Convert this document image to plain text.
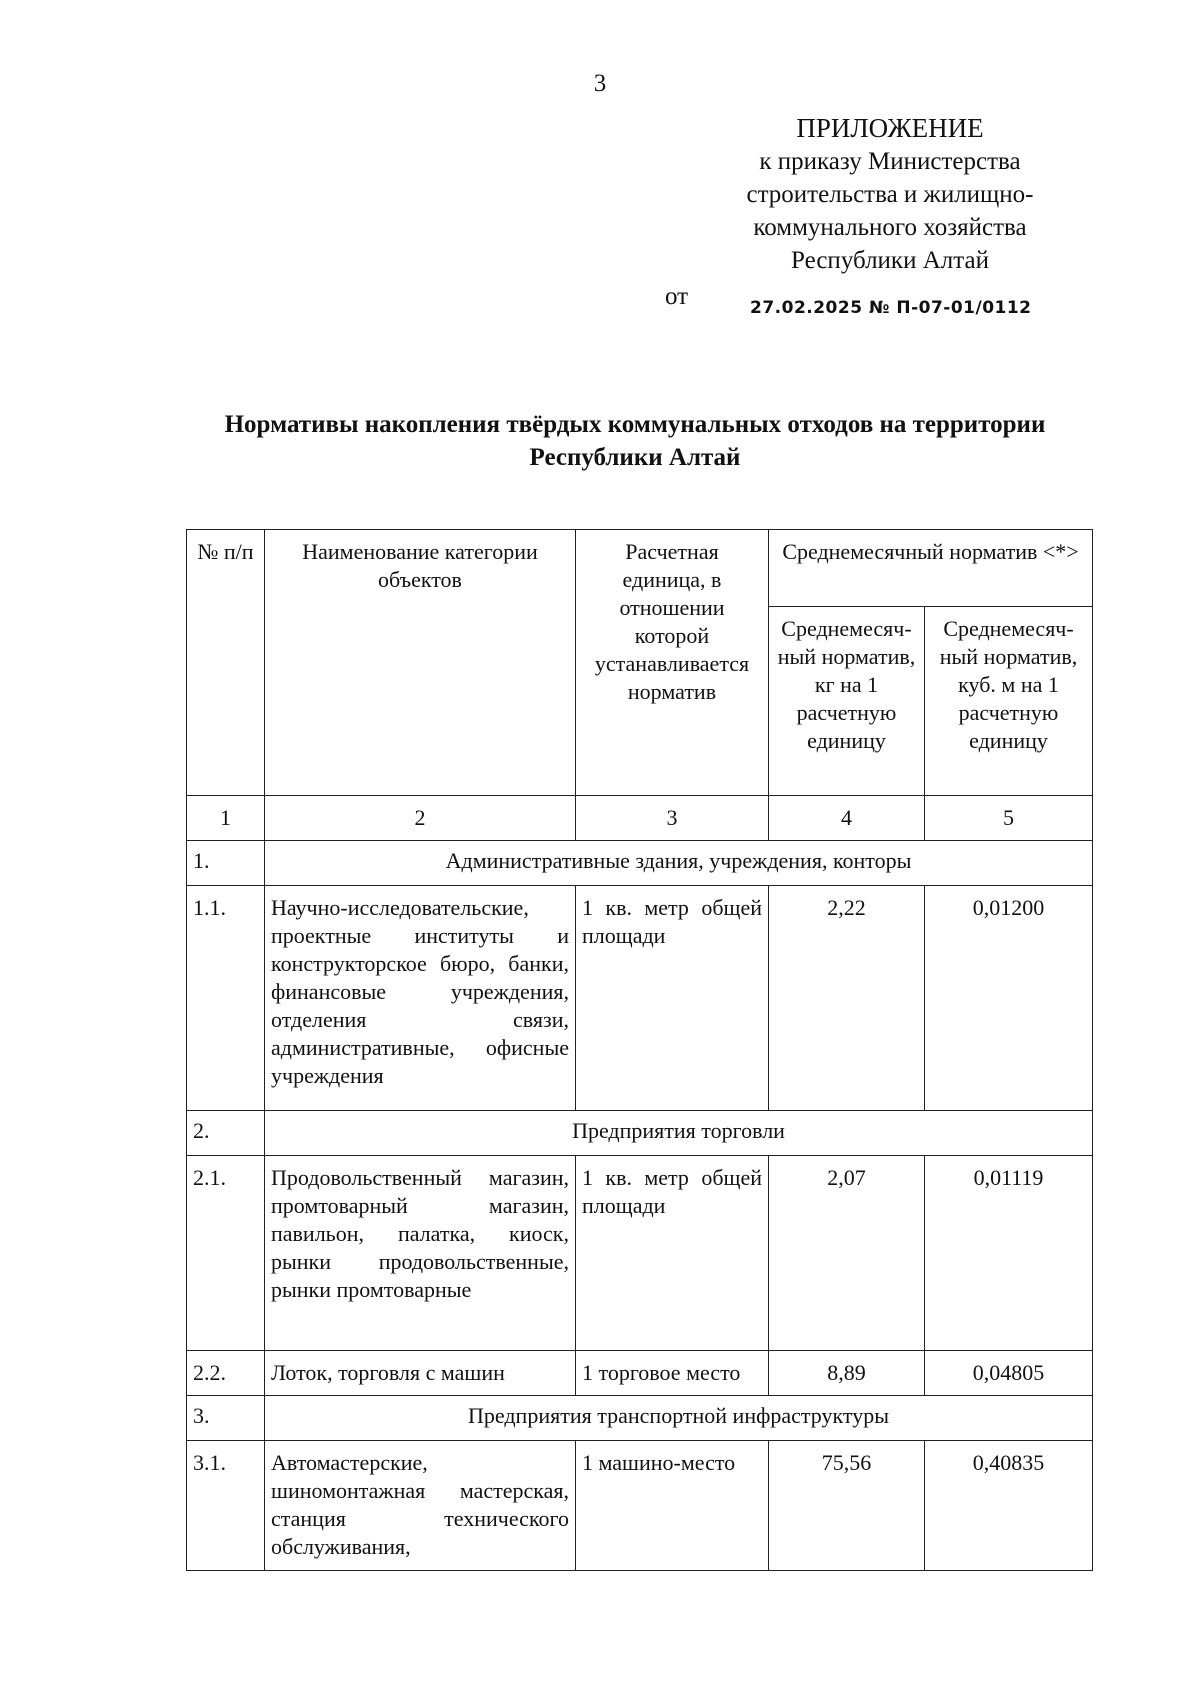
3
ПРИЛОЖЕНИЕ
к приказу Министерства
строительства и жилищно-
коммунального хозяйства
Республики Алтай
от	27.02.2025 № П-07-01/0112
Нормативы накопления твёрдых коммунальных отходов на территории
Республики Алтай
№ п/п	Наименование категории объектов	Расчетная единица, в отношении которой устанавливается норматив	Среднемесячный норматив <*>	
			Среднемесяч-ный норматив, кг на 1 расчетную единицу	Среднемесяч-ный норматив, куб. м на 1 расчетную единицу
1	2	3	4	5
1.	Административные здания, учреждения, конторы			
1.1.	Научно-исследовательские, проектные институты и конструкторское бюро, банки, финансовые учреждения, отделения связи, административные, офисные учреждения	1 кв. метр общей площади	2,22	0,01200
2.	Предприятия торговли			
2.1.	Продовольственный магазин, промтоварный магазин, павильон, палатка, киоск, рынки продовольственные, рынки промтоварные	1 кв. метр общей площади	2,07	0,01119
2.2.	Лоток, торговля с машин	1 торговое место	8,89	0,04805
3.	Предприятия транспортной инфраструктуры			
3.1.	Автомастерские, шиномонтажная мастерская, станция технического обслуживания,	1 машино-место	75,56	0,40835
